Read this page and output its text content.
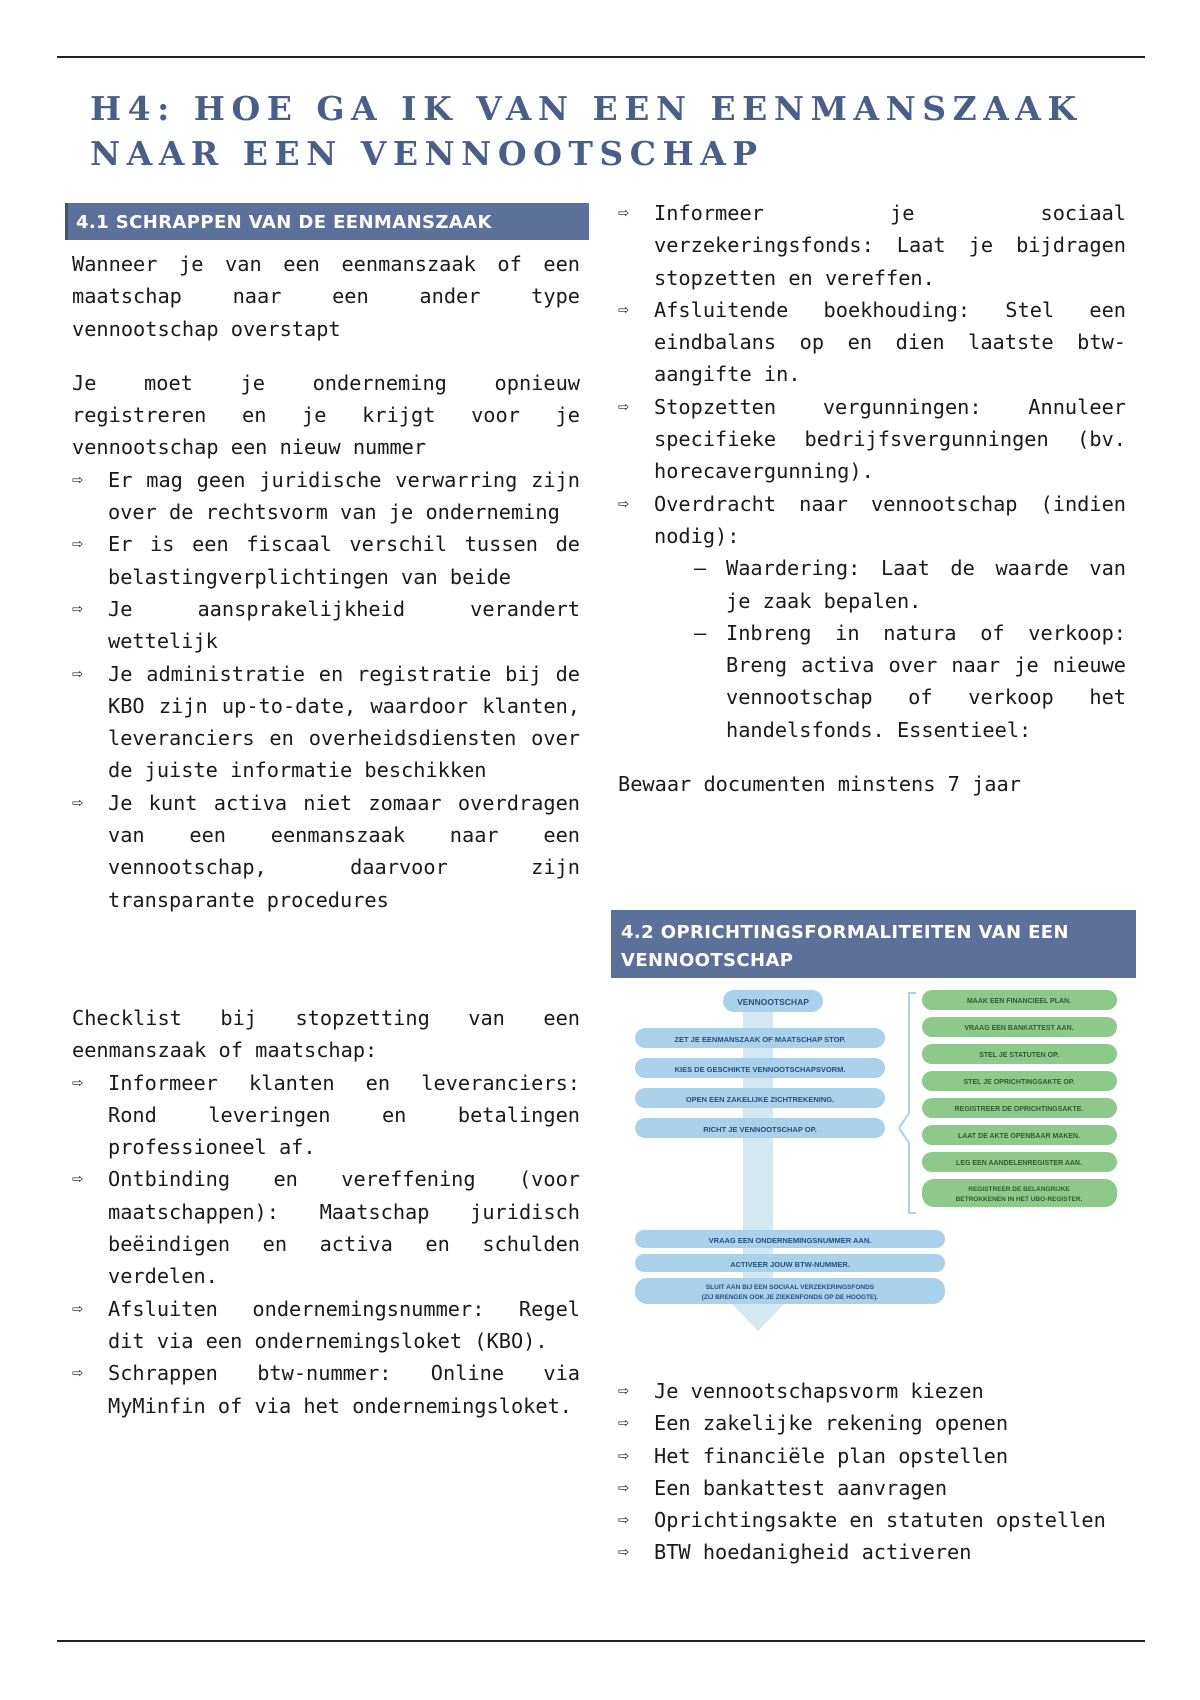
H4: HOE GA IK VAN EEN EENMANSZAAK
NAAR EEN VENNOOTSCHAP
4.1 SCHRAPPEN VAN DE EENMANSZAAK

Wanneer je van een eenmanszaak of een maatschap naar een ander type vennootschap overstapt

Je moet je onderneming opnieuw registreren en je krijgt voor je vennootschap een nieuw nummer

⇨ Er mag geen juridische verwarring zijn over de rechtsvorm van je onderneming
⇨ Er is een fiscaal verschil tussen de belastingverplichtingen van beide
⇨ Je aansprakelijkheid verandert wettelijk
⇨ Je administratie en registratie bij de KBO zijn up-to-date, waardoor klanten, leveranciers en overheidsdiensten over de juiste informatie beschikken
⇨ Je kunt activa niet zomaar overdragen van een eenmanszaak naar een vennootschap, daarvoor zijn transparante procedures

Checklist bij stopzetting van een eenmanszaak of maatschap:

⇨ Informeer klanten en leveranciers: Rond leveringen en betalingen professioneel af.
⇨ Ontbinding en vereffening (voor maatschappen): Maatschap juridisch beëindigen en activa en schulden verdelen.
⇨ Afsluiten ondernemingsnummer: Regel dit via een ondernemingsloket (KBO).
⇨ Schrappen btw-nummer: Online via MyMinfin of via het ondernemingsloket.
⇨ Informeer je sociaal verzekeringsfonds: Laat je bijdragen stopzetten en vereffen.
⇨ Afsluitende boekhouding: Stel een eindbalans op en dien laatste btw-aangifte in.
⇨ Stopzetten vergunningen: Annuleer specifieke bedrijfsvergunningen (bv. horecavergunning).
⇨ Overdracht naar vennootschap (indien nodig):
– Waardering: Laat de waarde van je zaak bepalen.
– Inbreng in natura of verkoop: Breng activa over naar je nieuwe vennootschap of verkoop het handelsfonds. Essentieel:

Bewaar documenten minstens 7 jaar

4.2 OPRICHTINGSFORMALITEITEN VAN EEN VENNOOTSCHAP
VENNOOTSCHAP
ZET JE EENMANSZAAK OF MAATSCHAP STOP.
KIES DE GESCHIKTE VENNOOTSCHAPSVORM.
OPEN EEN ZAKELIJKE ZICHTREKENING.
RICHT JE VENNOOTSCHAP OP.
MAAK EEN FINANCIEEL PLAN.
VRAAG EEN BANKATTEST AAN.
STEL JE STATUTEN OP.
STEL JE OPRICHTINGSAKTE OP.
REGISTREER DE OPRICHTINGSAKTE.
LAAT DE AKTE OPENBAAR MAKEN.
LEG EEN AANDELENREGISTER AAN.
REGISTREER DE BELANGRIJKE
BETROKKENEN IN HET UBO-REGISTER.
VRAAG EEN ONDERNEMINGSNUMMER AAN.
ACTIVEER JOUW BTW-NUMMER.
SLUIT AAN BIJ EEN SOCIAAL VERZEKERINGSFONDS
(ZIJ BRENGEN OOK JE ZIEKENFONDS OP DE HOOGTE).
⇨ Je vennootschapsvorm kiezen
⇨ Een zakelijke rekening openen
⇨ Het financiële plan opstellen
⇨ Een bankattest aanvragen
⇨ Oprichtingsakte en statuten opstellen
⇨ BTW hoedanigheid activeren
